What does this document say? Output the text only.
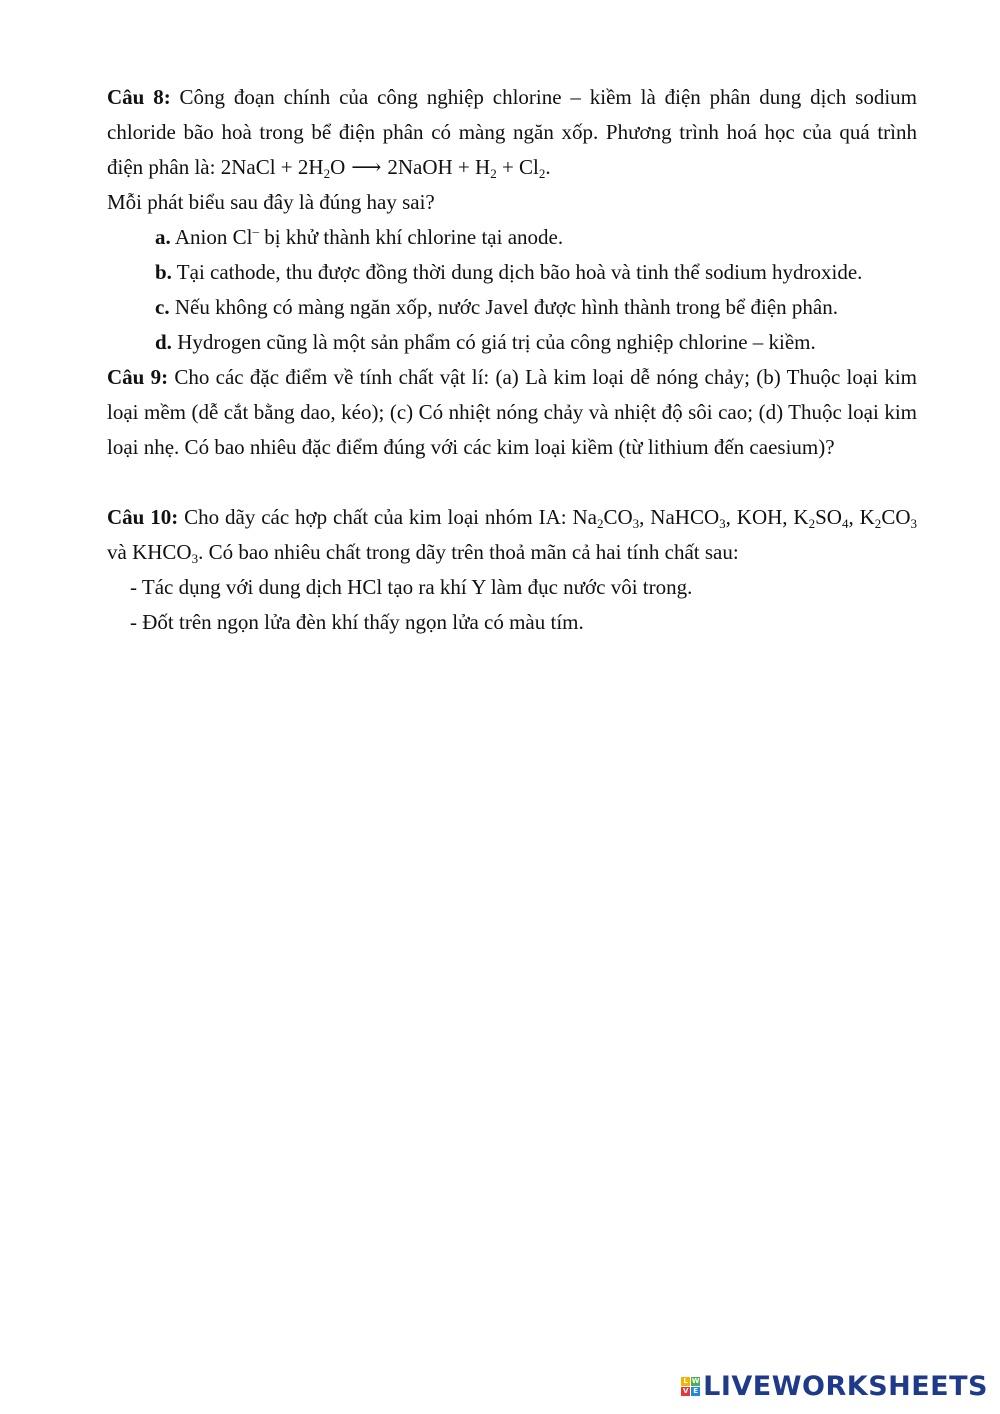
Câu 8: Công đoạn chính của công nghiệp chlorine – kiềm là điện phân dung dịch sodium chloride bão hoà trong bể điện phân có màng ngăn xốp. Phương trình hoá học của quá trình điện phân là: 2NaCl + $2H_2O$ ⟶ 2NaOH + $H_2 + Cl_2$.

Mỗi phát biểu sau đây là đúng hay sai?

a. Anion Cl– bị khử thành khí chlorine tại anode.

b. Tại cathode, thu được đồng thời dung dịch bão hoà và tinh thể sodium hydroxide.

c. Nếu không có màng ngăn xốp, nước Javel được hình thành trong bể điện phân.

d. Hydrogen cũng là một sản phẩm có giá trị của công nghiệp chlorine – kiềm.

Câu 9: Cho các đặc điểm về tính chất vật lí: (a) Là kim loại dễ nóng chảy; (b) Thuộc loại kim loại mềm (dễ cắt bằng dao, kéo); (c) Có nhiệt nóng chảy và nhiệt độ sôi cao; (d) Thuộc loại kim loại nhẹ. Có bao nhiêu đặc điểm đúng với các kim loại kiềm (từ lithium đến caesium)?

Câu 10: Cho dãy các hợp chất của kim loại nhóm IA: $Na_2CO_3$, NaHCO$_3$, KOH, $K_2SO_4$, $K_2CO_3$ và $KHCO_3$. Có bao nhiêu chất trong dãy trên thoả mãn cả hai tính chất sau:

- Tác dụng với dung dịch HCl tạo ra khí Y làm đục nước vôi trong.

- Đốt trên ngọn lửa đèn khí thấy ngọn lửa có màu tím.

L W
V E LIVEWORKSHEETS
